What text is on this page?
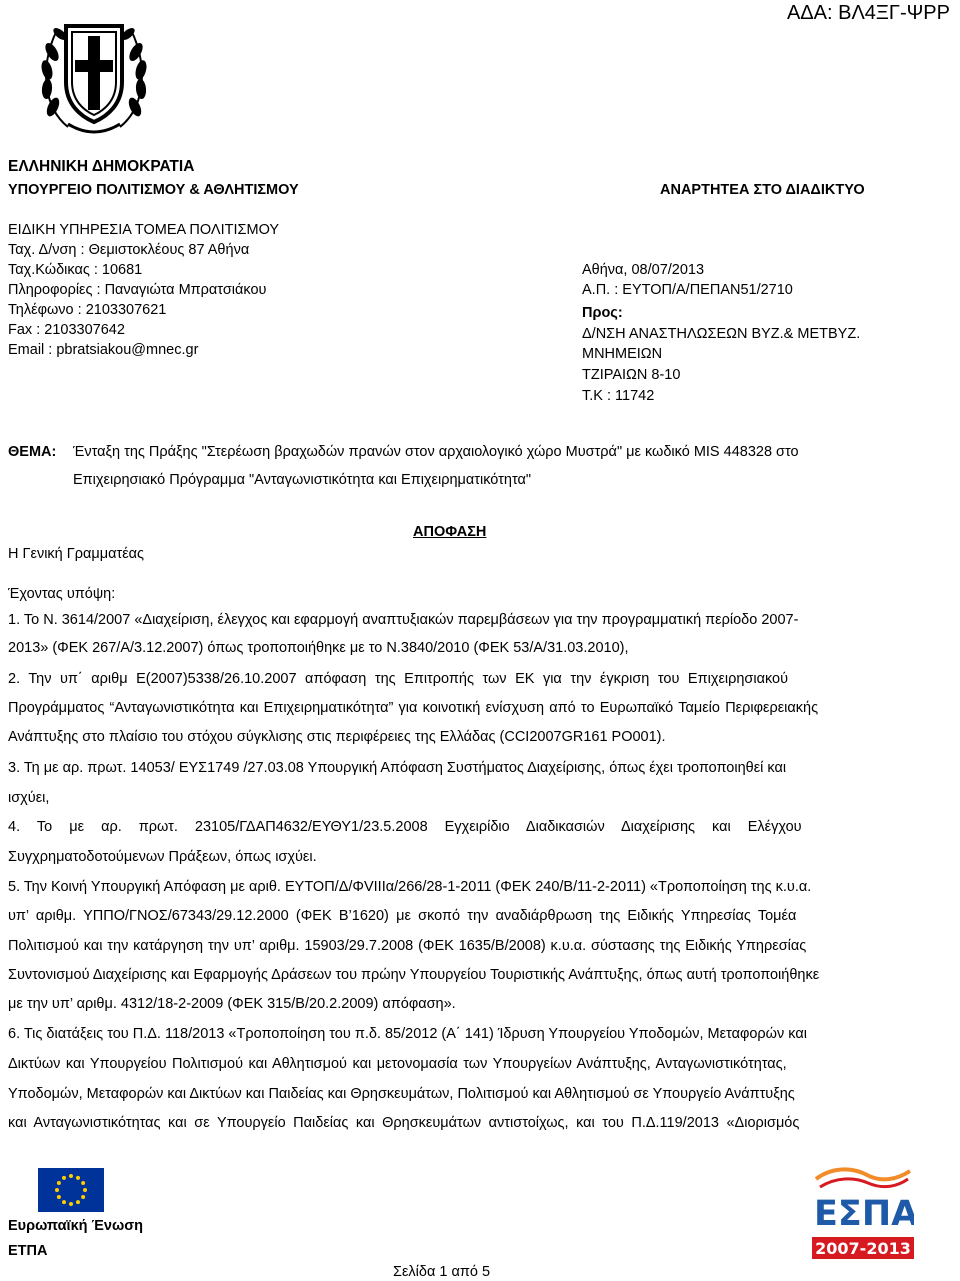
ΑΔΑ: ΒΛ4ΞΓ-ΨΡΡ
ΕΛΛΗΝΙΚΗ ΔΗΜΟΚΡΑΤΙΑ
ΥΠΟΥΡΓΕΙΟ ΠΟΛΙΤΙΣΜΟΥ & ΑΘΛΗΤΙΣΜΟΥ	ΑΝΑΡΤΗΤΕΑ ΣΤΟ ΔΙΑΔΙΚΤΥΟ
ΕΙΔΙΚΗ ΥΠΗΡΕΣΙΑ ΤΟΜΕΑ ΠΟΛΙΤΙΣΜΟΥ
Ταχ. Δ/νση : Θεμιστοκλέους 87 Αθήνα
Ταχ.Κώδικας : 10681
Πληροφορίες : Παναγιώτα Μπρατσιάκου
Τηλέφωνο : 2103307621
Fax : 2103307642
Email : pbratsiakou@mnec.gr
Αθήνα, 08/07/2013
Α.Π. : ΕΥΤΟΠ/Α/ΠΕΠΑΝ51/2710
Προς:
Δ/ΝΣΗ ΑΝΑΣΤΗΛΩΣΕΩΝ ΒΥΖ.& ΜΕΤΒΥΖ.
ΜΝΗΜΕΙΩΝ
ΤΖΙΡΑΙΩΝ 8-10
Τ.Κ : 11742
ΘΕΜΑ: Ένταξη της Πράξης "Στερέωση βραχωδών πρανών στον αρχαιολογικό χώρο Μυστρά" με κωδικό MIS 448328 στο
Επιχειρησιακό Πρόγραμμα "Ανταγωνιστικότητα και Επιχειρηματικότητα"
ΑΠΟΦΑΣΗ
Η Γενική Γραμματέας
Έχοντας υπόψη:
1. Το Ν. 3614/2007 «Διαχείριση, έλεγχος και εφαρμογή αναπτυξιακών παρεμβάσεων για την προγραμματική περίοδο 2007-
2013» (ΦΕΚ 267/Α/3.12.2007) όπως τροποποιήθηκε με το Ν.3840/2010 (ΦΕΚ 53/Α/31.03.2010),
2. Την υπ΄ αριθμ Ε(2007)5338/26.10.2007 απόφαση της Επιτροπής των ΕΚ για την έγκριση του Επιχειρησιακού
Προγράμματος “Ανταγωνιστικότητα και Επιχειρηματικότητα” για κοινοτική ενίσχυση από το Ευρωπαϊκό Ταμείο Περιφερειακής
Ανάπτυξης στο πλαίσιο του στόχου σύγκλισης στις περιφέρειες της Ελλάδας (CCI2007GR161 PO001).
3. Τη με αρ. πρωτ. 14053/ ΕΥΣ1749 /27.03.08 Υπουργική Απόφαση Συστήματος Διαχείρισης, όπως έχει τροποποιηθεί και
ισχύει,
4. Το με αρ. πρωτ. 23105/ΓΔΑΠ4632/ΕΥΘΥ1/23.5.2008 Εγχειρίδιο Διαδικασιών Διαχείρισης και Ελέγχου
Συγχρηματοδοτούμενων Πράξεων, όπως ισχύει.
5. Την Κοινή Υπουργική Απόφαση με αριθ. ΕΥΤΟΠ/Δ/ΦVIIIα/266/28-1-2011 (ΦΕΚ 240/Β/11-2-2011) «Τροποποίηση της κ.υ.α.
υπ’ αριθμ. ΥΠΠΟ/ΓΝΟΣ/67343/29.12.2000 (ΦΕΚ Β’1620) με σκοπό την αναδιάρθρωση της Ειδικής Υπηρεσίας Τομέα
Πολιτισμού και την κατάργηση την υπ’ αριθμ. 15903/29.7.2008 (ΦΕΚ 1635/Β/2008) κ.υ.α. σύστασης της Ειδικής Υπηρεσίας
Συντονισμού Διαχείρισης και Εφαρμογής Δράσεων του πρώην Υπουργείου Τουριστικής Ανάπτυξης, όπως αυτή τροποποιήθηκε
με την υπ’ αριθμ. 4312/18-2-2009 (ΦΕΚ 315/Β/20.2.2009) απόφαση».
6. Τις διατάξεις του Π.Δ. 118/2013 «Τροποποίηση του π.δ. 85/2012 (Α΄ 141) Ίδρυση Υπουργείου Υποδομών, Μεταφορών και
Δικτύων και Υπουργείου Πολιτισμού και Αθλητισμού και μετονομασία των Υπουργείων Ανάπτυξης, Ανταγωνιστικότητας,
Υποδομών, Μεταφορών και Δικτύων και Παιδείας και Θρησκευμάτων, Πολιτισμού και Αθλητισμού σε Υπουργείο Ανάπτυξης
και Ανταγωνιστικότητας και σε Υπουργείο Παιδείας και Θρησκευμάτων αντιστοίχως, και του Π.Δ.119/2013 «Διορισμός
Ευρωπαϊκή Ένωση
ΕΤΠΑ
Σελίδα 1 από 5
ΕΣΠΑ
2007-2013
